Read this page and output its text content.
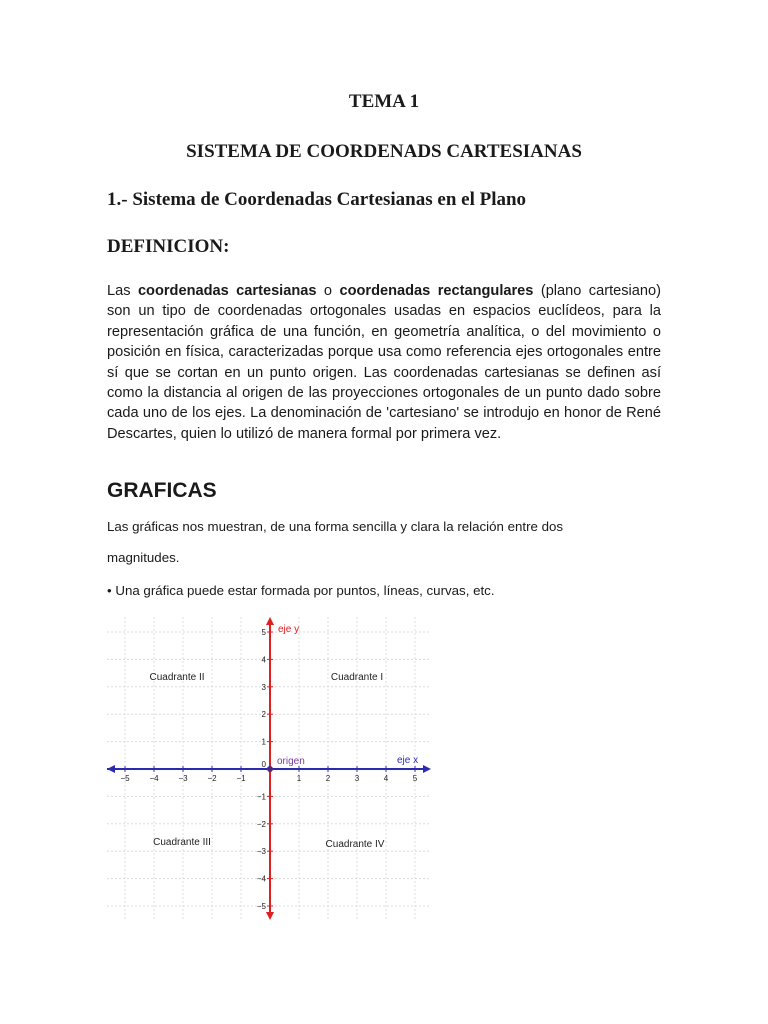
TEMA 1
SISTEMA DE COORDENADS CARTESIANAS
1.- Sistema de Coordenadas Cartesianas en el Plano
DEFINICION:
Las coordenadas cartesianas o coordenadas rectangulares (plano cartesiano) son un tipo de coordenadas ortogonales usadas en espacios euclídeos, para la representación gráfica de una función, en geometría analítica, o del movimiento o posición en física, caracterizadas porque usa como referencia ejes ortogonales entre sí que se cortan en un punto origen. Las coordenadas cartesianas se definen así como la distancia al origen de las proyecciones ortogonales de un punto dado sobre cada uno de los ejes. La denominación de 'cartesiano' se introdujo en honor de René Descartes, quien lo utilizó de manera formal por primera vez.
GRAFICAS
Las gráficas nos muestran, de una forma sencilla y clara la relación entre dos
magnitudes.
• Una gráfica puede estar formada por puntos, líneas, curvas, etc.
−5 −4 −3 −2 −1	1	2	3	4	5
−5
−4
−3
−2
−1
0
1
2
3
4
5
Cuadrante II	Cuadrante I
Cuadrante III	Cuadrante IV
eje y
eje x
origen
